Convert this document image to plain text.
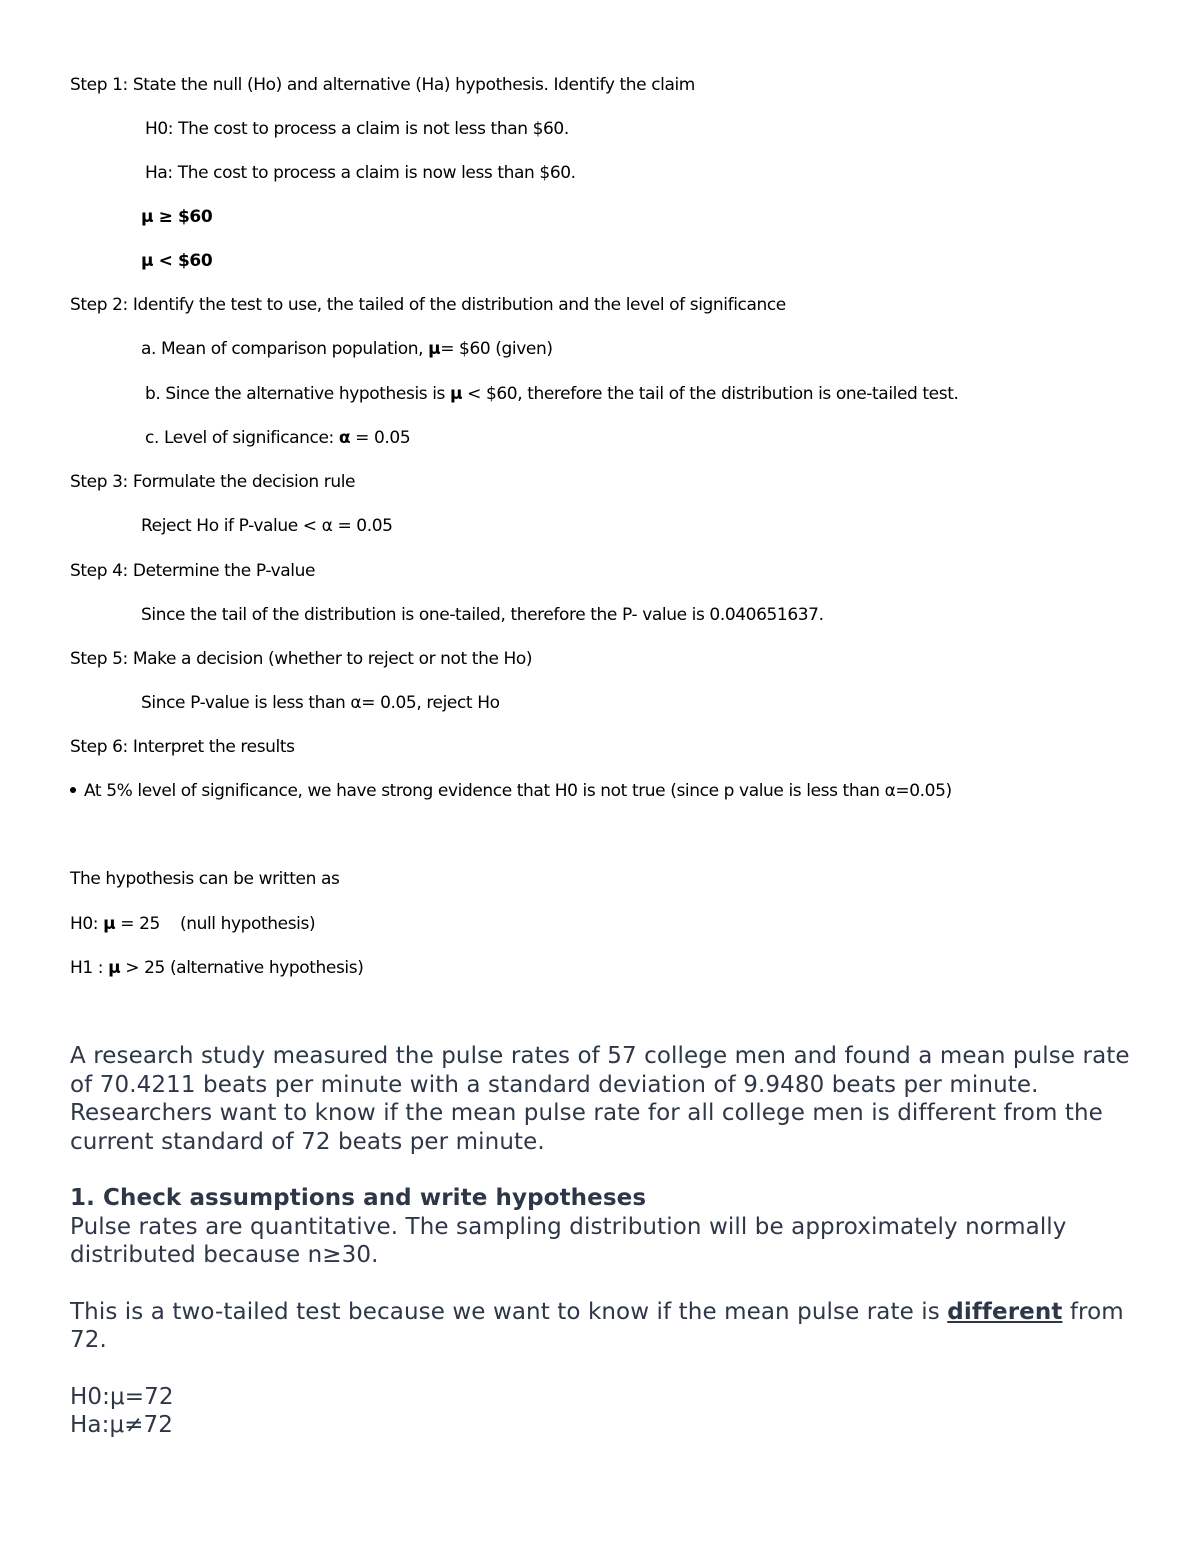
Step 1: State the null (Ho) and alternative (Ha) hypothesis. Identify the claim
H0: The cost to process a claim is not less than $60.
Ha: The cost to process a claim is now less than $60.
μ ≥ $60
μ < $60
Step 2: Identify the test to use, the tailed of the distribution and the level of significance
a. Mean of comparison population, μ= $60 (given)
b. Since the alternative hypothesis is μ < $60, therefore the tail of the distribution is one-tailed test.
c. Level of significance: α = 0.05
Step 3: Formulate the decision rule
Reject Ho if P-value < α = 0.05
Step 4: Determine the P-value
Since the tail of the distribution is one-tailed, therefore the P- value is 0.040651637.
Step 5: Make a decision (whether to reject or not the Ho)
Since P-value is less than α= 0.05, reject Ho
Step 6: Interpret the results
At 5% level of significance, we have strong evidence that H0 is not true (since p value is less than α=0.05)
The hypothesis can be written as
H0: μ = 25    (null hypothesis)
H1 : μ > 25 (alternative hypothesis)

A research study measured the pulse rates of 57 college men and found a mean pulse rate of 70.4211 beats per minute with a standard deviation of 9.9480 beats per minute. Researchers want to know if the mean pulse rate for all college men is different from the current standard of 72 beats per minute.

1. Check assumptions and write hypotheses

Pulse rates are quantitative. The sampling distribution will be approximately normally distributed because n≥30.

This is a two-tailed test because we want to know if the mean pulse rate is different from 72.

H0:μ=72

Ha:μ≠72
